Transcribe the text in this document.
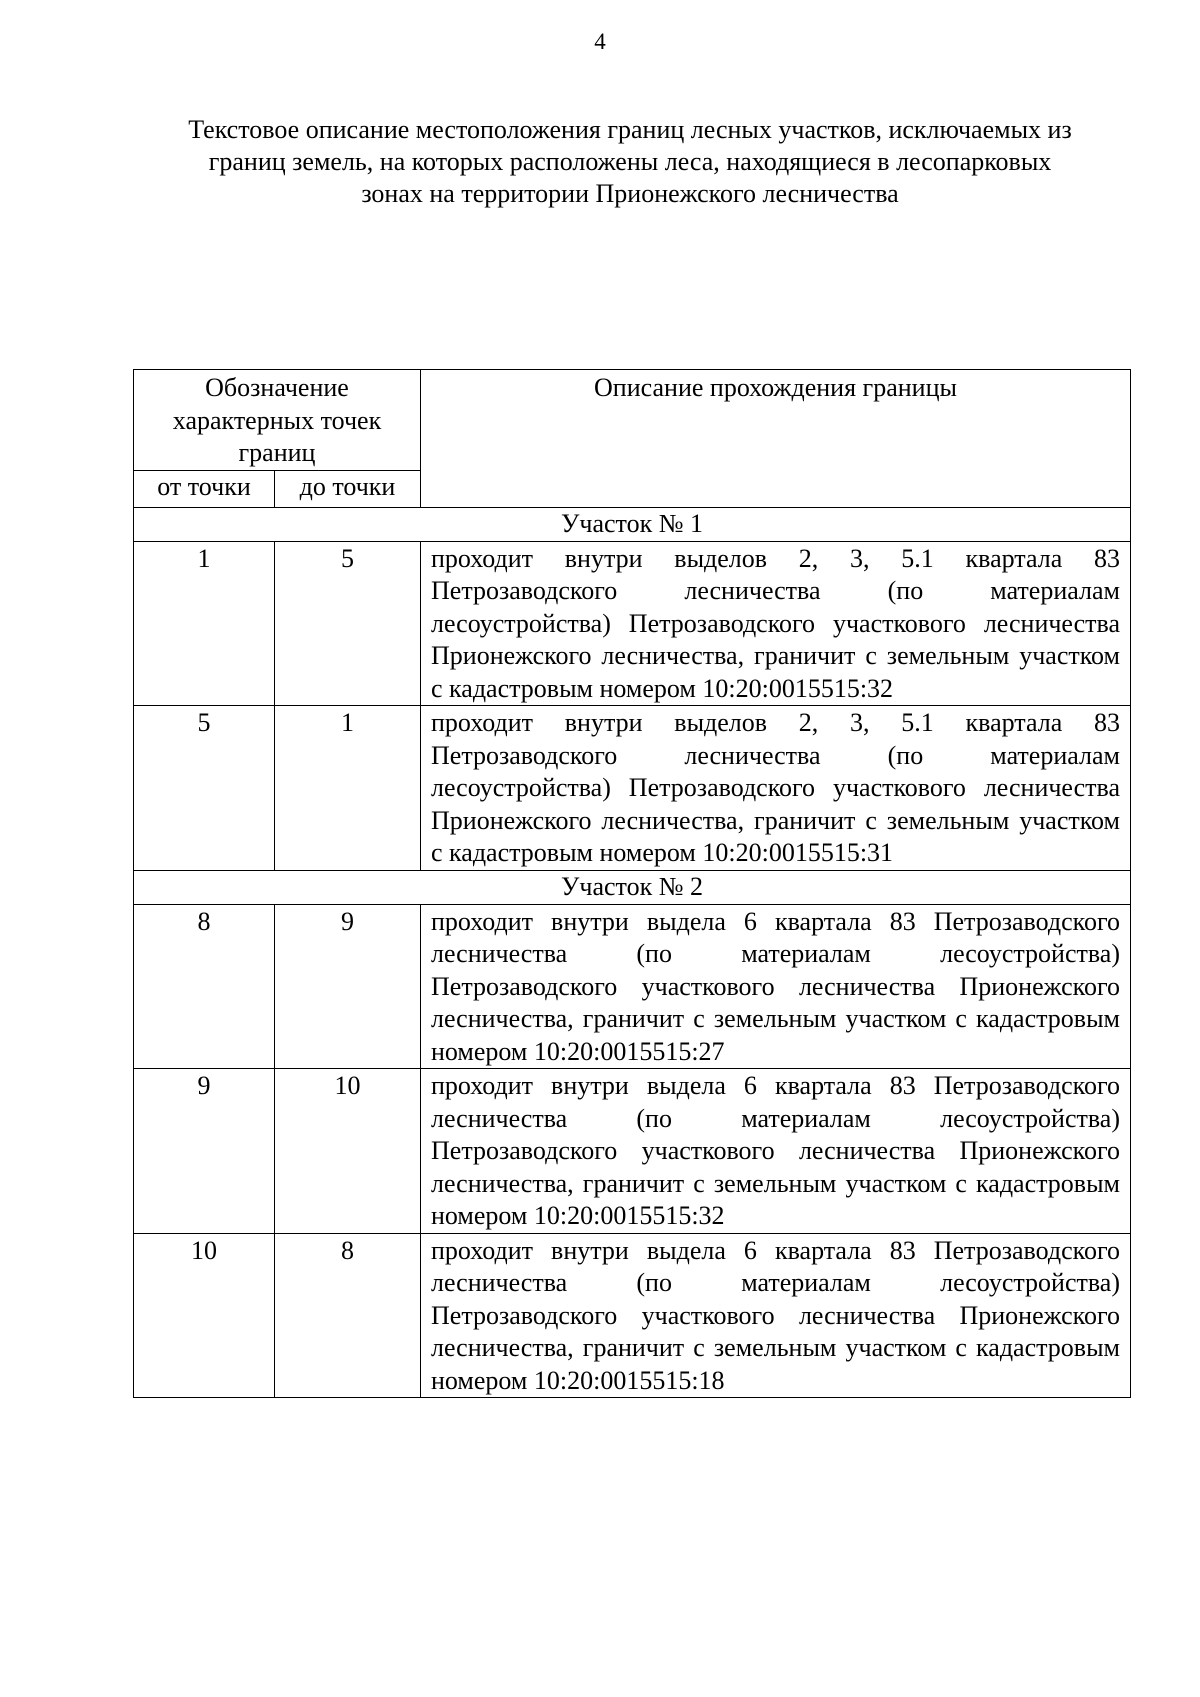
4
Текстовое описание местоположения границ лесных участков, исключаемых из
границ земель, на которых расположены леса, находящиеся в лесопарковых
зонах на территории Прионежского лесничества
Обозначение характерных точек границ		Описание прохождения границы
от точки	до точки	
Участок № 1		
1	5	проходит внутри выделов 2, 3, 5.1 квартала 83 Петрозаводского лесничества (по материалам лесоустройства) Петрозаводского участкового лесничества Прионежского лесничества, граничит с земельным участком с кадастровым номером 10:20:0015515:32
5	1	проходит внутри выделов 2, 3, 5.1 квартала 83 Петрозаводского лесничества (по материалам лесоустройства) Петрозаводского участкового лесничества Прионежского лесничества, граничит с земельным участком с кадастровым номером 10:20:0015515:31
Участок № 2		
8	9	проходит внутри выдела 6 квартала 83 Петрозаводского лесничества (по материалам лесоустройства) Петрозаводского участкового лесничества Прионежского лесничества, граничит с земельным участком с кадастровым номером 10:20:0015515:27
9	10	проходит внутри выдела 6 квартала 83 Петрозаводского лесничества (по материалам лесоустройства) Петрозаводского участкового лесничества Прионежского лесничества, граничит с земельным участком с кадастровым номером 10:20:0015515:32
10	8	проходит внутри выдела 6 квартала 83 Петрозаводского лесничества (по материалам лесоустройства) Петрозаводского участкового лесничества Прионежского лесничества, граничит с земельным участком с кадастровым номером 10:20:0015515:18
